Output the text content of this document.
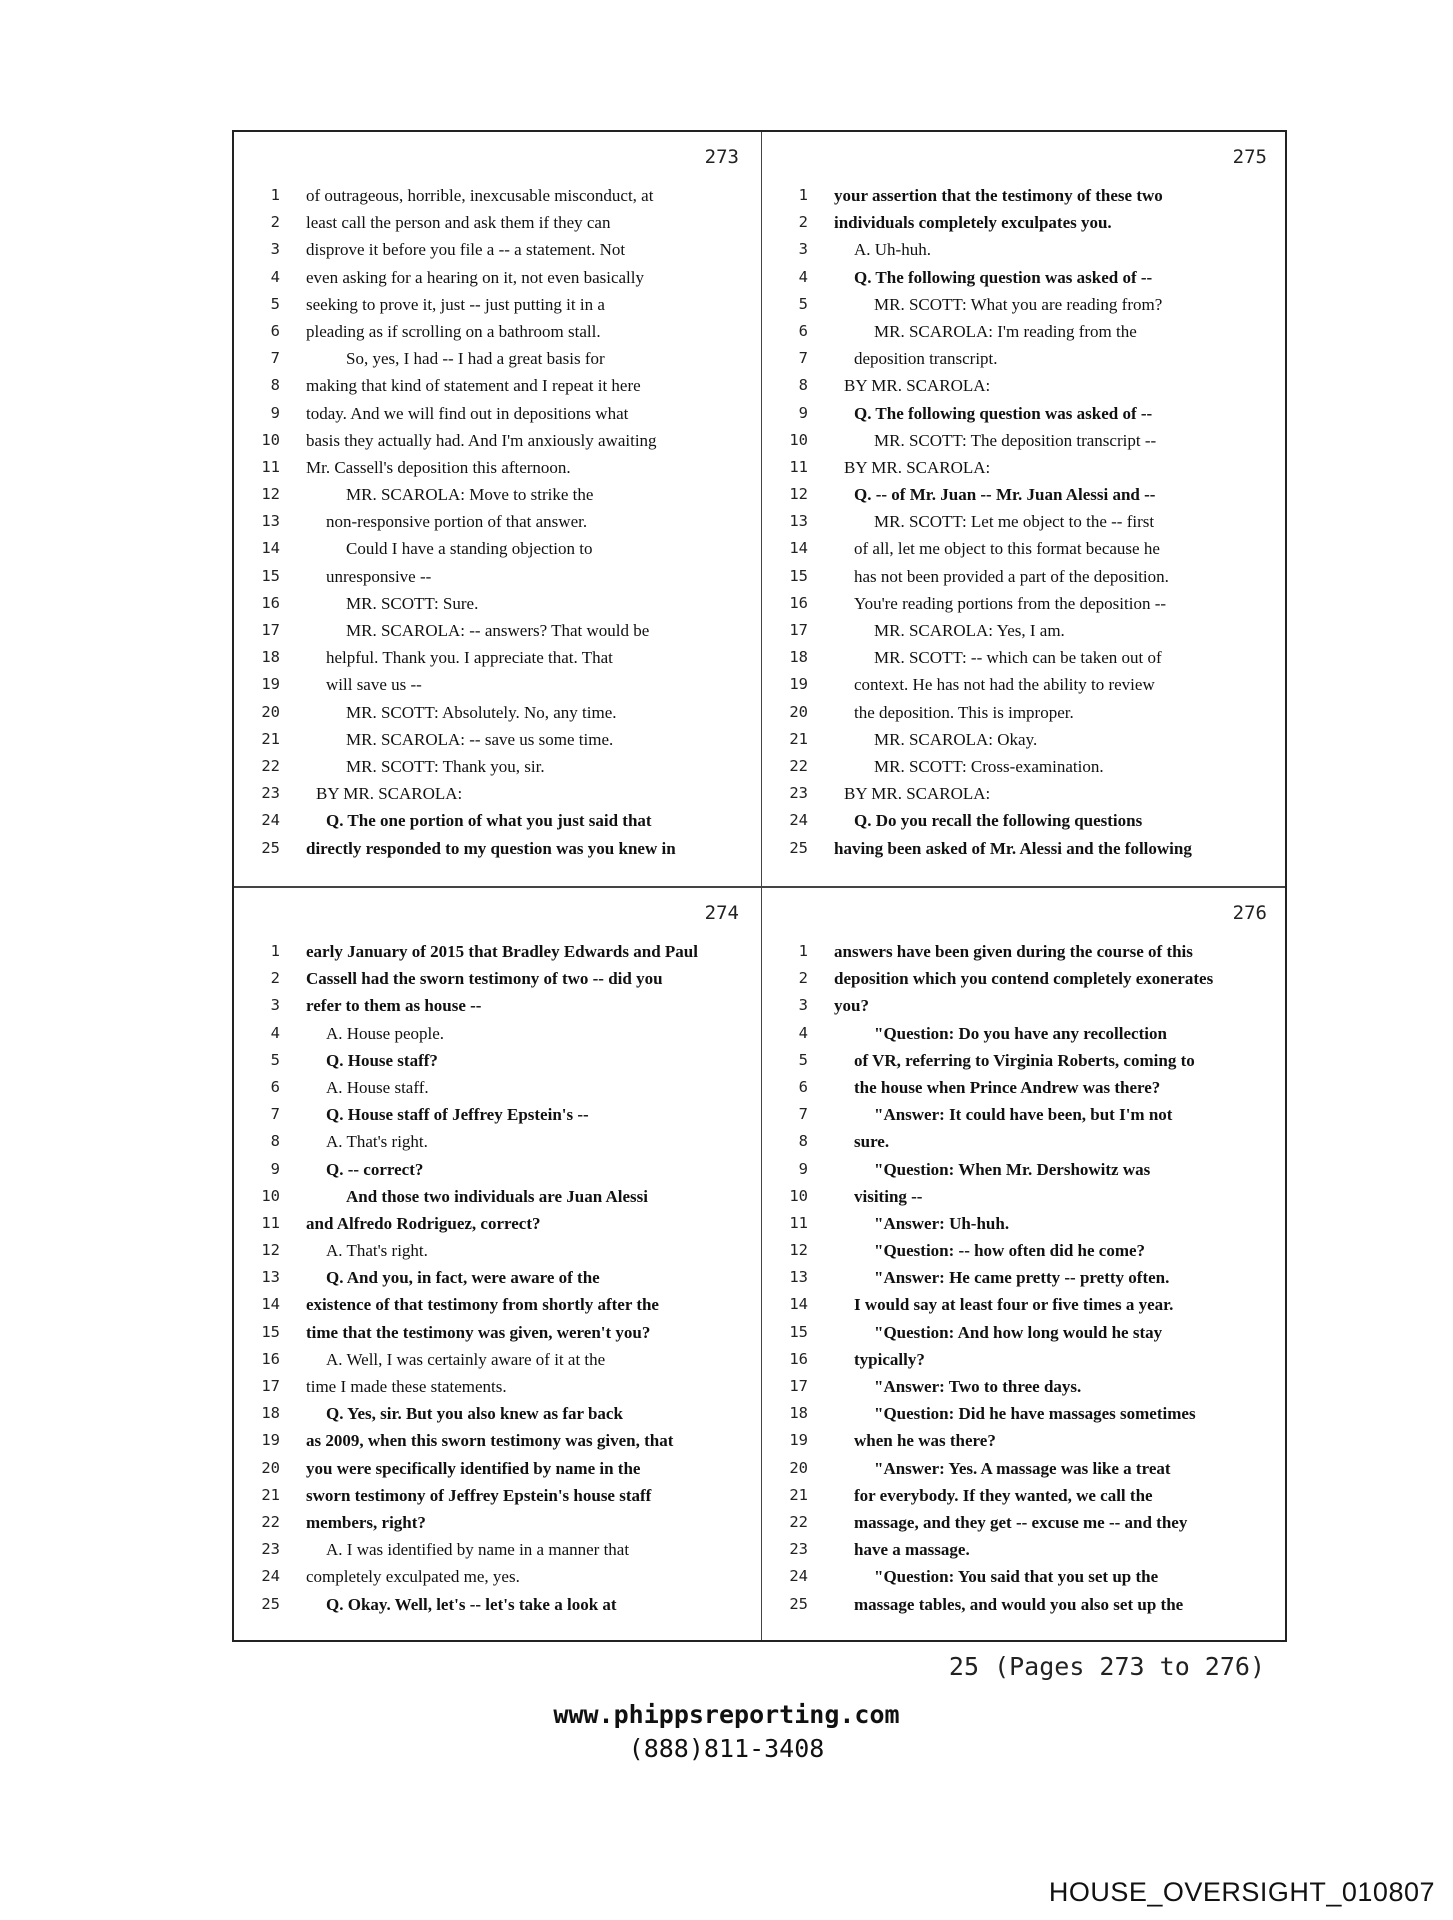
273
1 of outrageous, horrible, inexcusable misconduct, at
2 least call the person and ask them if they can
3 disprove it before you file a -- a statement. Not
4 even asking for a hearing on it, not even basically
5 seeking to prove it, just -- just putting it in a
6 pleading as if scrolling on a bathroom stall.
7	So, yes, I had -- I had a great basis for
8 making that kind of statement and I repeat it here
9 today. And we will find out in depositions what
10 basis they actually had. And I'm anxiously awaiting
11 Mr. Cassell's deposition this afternoon.
12	MR. SCAROLA: Move to strike the
13	non-responsive portion of that answer.
14	Could I have a standing objection to
15	unresponsive --
16	MR. SCOTT: Sure.
17	MR. SCAROLA: -- answers? That would be
18	helpful. Thank you. I appreciate that. That
19	will save us --
20	MR. SCOTT: Absolutely. No, any time.
21	MR. SCAROLA: -- save us some time.
22	MR. SCOTT: Thank you, sir.
23 BY MR. SCAROLA:
24	Q. The one portion of what you just said that
25 directly responded to my question was you knew in
275
1 your assertion that the testimony of these two
2 individuals completely exculpates you.
3	A. Uh-huh.
4	Q. The following question was asked of --
5	MR. SCOTT: What you are reading from?
6	MR. SCAROLA: I'm reading from the
7	deposition transcript.
8 BY MR. SCAROLA:
9	Q. The following question was asked of --
10	MR. SCOTT: The deposition transcript --
11 BY MR. SCAROLA:
12	Q. -- of Mr. Juan -- Mr. Juan Alessi and --
13	MR. SCOTT: Let me object to the -- first
14	of all, let me object to this format because he
15	has not been provided a part of the deposition.
16	You're reading portions from the deposition --
17	MR. SCAROLA: Yes, I am.
18	MR. SCOTT: -- which can be taken out of
19	context. He has not had the ability to review
20	the deposition. This is improper.
21	MR. SCAROLA: Okay.
22	MR. SCOTT: Cross-examination.
23 BY MR. SCAROLA:
24	Q. Do you recall the following questions
25 having been asked of Mr. Alessi and the following
274
1 early January of 2015 that Bradley Edwards and Paul
2 Cassell had the sworn testimony of two -- did you
3 refer to them as house --
4	A. House people.
5	Q. House staff?
6	A. House staff.
7	Q. House staff of Jeffrey Epstein's --
8	A. That's right.
9	Q. -- correct?
10	And those two individuals are Juan Alessi
11 and Alfredo Rodriguez, correct?
12	A. That's right.
13	Q. And you, in fact, were aware of the
14 existence of that testimony from shortly after the
15 time that the testimony was given, weren't you?
16	A. Well, I was certainly aware of it at the
17 time I made these statements.
18	Q. Yes, sir. But you also knew as far back
19 as 2009, when this sworn testimony was given, that
20 you were specifically identified by name in the
21 sworn testimony of Jeffrey Epstein's house staff
22 members, right?
23	A. I was identified by name in a manner that
24 completely exculpated me, yes.
25	Q. Okay. Well, let's -- let's take a look at
276
1 answers have been given during the course of this
2 deposition which you contend completely exonerates
3 you?
4	"Question: Do you have any recollection
5	of VR, referring to Virginia Roberts, coming to
6	the house when Prince Andrew was there?
7	"Answer: It could have been, but I'm not
8	sure.
9	"Question: When Mr. Dershowitz was
10	visiting --
11	"Answer: Uh-huh.
12	"Question: -- how often did he come?
13	"Answer: He came pretty -- pretty often.
14	I would say at least four or five times a year.
15	"Question: And how long would he stay
16	typically?
17	"Answer: Two to three days.
18	"Question: Did he have massages sometimes
19	when he was there?
20	"Answer: Yes. A massage was like a treat
21	for everybody. If they wanted, we call the
22	massage, and they get -- excuse me -- and they
23	have a massage.
24	"Question: You said that you set up the
25	massage tables, and would you also set up the
25 (Pages 273 to 276)
www.phippsreporting.com
(888)811-3408
HOUSE_OVERSIGHT_010807
